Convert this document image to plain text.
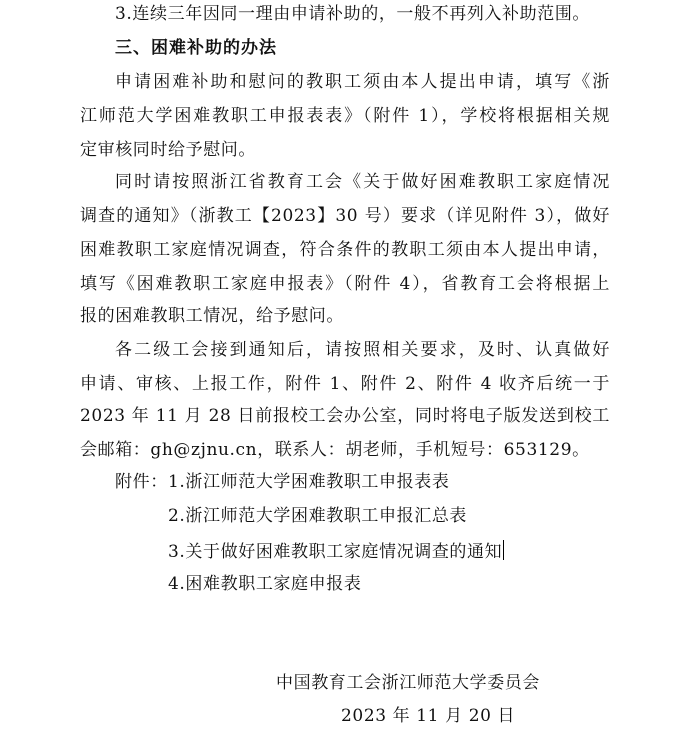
3.连续三年因同一理由申请补助的，一般不再列入补助范围。
三、困难补助的办法
申请困难补助和慰问的教职工须由本人提出申请，填写《浙
江师范大学困难教职工申报表表》（附件 1），学校将根据相关规
定审核同时给予慰问。
同时请按照浙江省教育工会《关于做好困难教职工家庭情况
调查的通知》（浙教工【2023】30 号）要求（详见附件 3），做好
困难教职工家庭情况调查，符合条件的教职工须由本人提出申请，
填写《困难教职工家庭申报表》（附件 4），省教育工会将根据上
报的困难教职工情况，给予慰问。
各二级工会接到通知后，请按照相关要求，及时、认真做好
申请、审核、上报工作，附件 1、附件 2、附件 4 收齐后统一于
2023 年 11 月 28 日前报校工会办公室，同时将电子版发送到校工
会邮箱：gh@zjnu.cn，联系人：胡老师，手机短号：653129。
附件： 1.浙江师范大学困难教职工申报表表
2.浙江师范大学困难教职工申报汇总表
3.关于做好困难教职工家庭情况调查的通知
4.困难教职工家庭申报表
中国教育工会浙江师范大学委员会
2023 年 11 月 20 日
